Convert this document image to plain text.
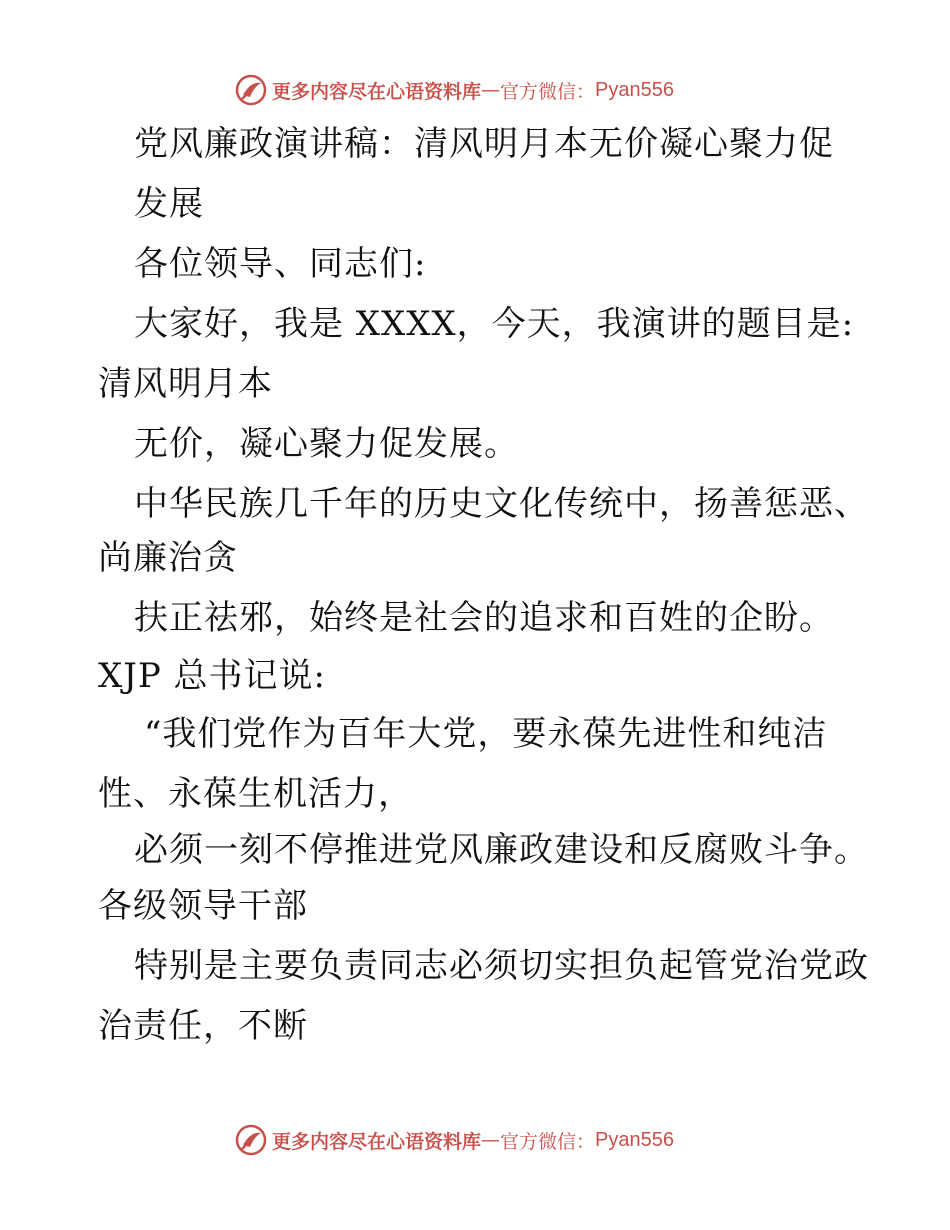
更多内容尽在心语资料库 — 官方微信： Pyan556
党风廉政演讲稿：清风明月本无价凝心聚力促
发展
各位领导、同志们:
大家好，我是 XXXX，今天，我演讲的题目是:
清风明月本
无价，凝心聚力促发展。
中华民族几千年的历史文化传统中，扬善惩恶、
尚廉治贪
扶正祛邪，始终是社会的追求和百姓的企盼。
XJP 总书记说:
“我们党作为百年大党，要永葆先进性和纯洁
性、永葆生机活力，
必须一刻不停推进党风廉政建设和反腐败斗争。
各级领导干部
特别是主要负责同志必须切实担负起管党治党政
治责任，不断
更多内容尽在心语资料库 — 官方微信： Pyan556
